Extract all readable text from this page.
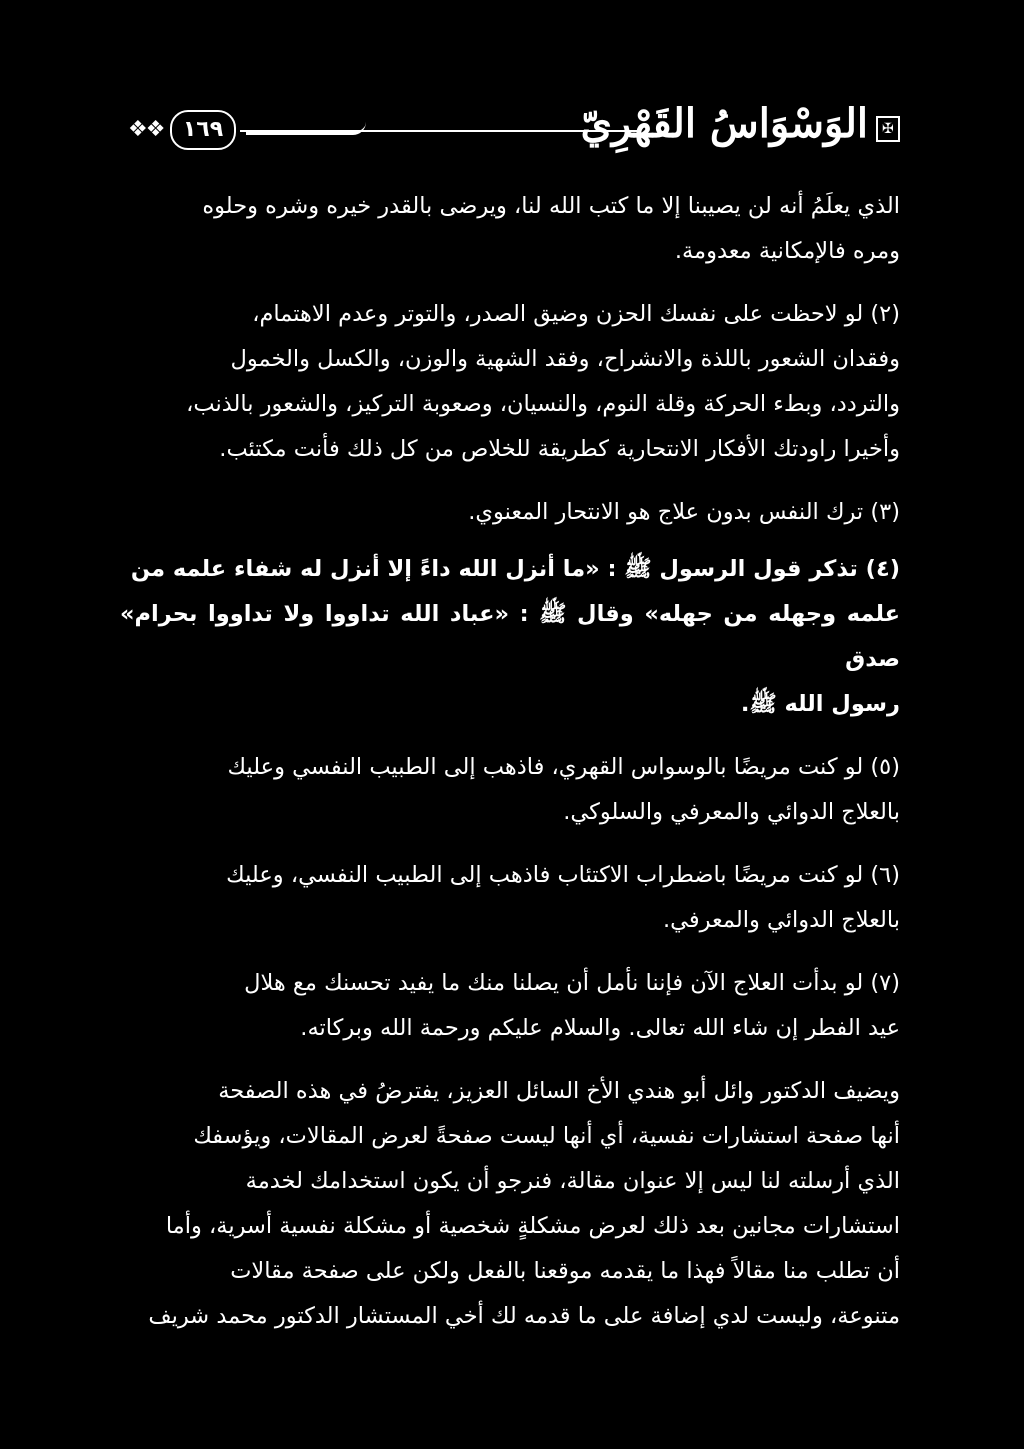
❖❖ ١٦٩	الوَسْوَاسُ القَهْرِيّ	✠

الذي يعلَمُ أنه لن يصيبنا إلا ما كتب الله لنا، ويرضى بالقدر خيره وشره وحلوه
ومره فالإمكانية معدومة.

(٢) لو لاحظت على نفسك الحزن وضيق الصدر، والتوتر وعدم الاهتمام،
وفقدان الشعور باللذة والانشراح، وفقد الشهية والوزن، والكسل والخمول
والتردد، وبطء الحركة وقلة النوم، والنسيان، وصعوبة التركيز، والشعور بالذنب،
وأخيرا راودتك الأفكار الانتحارية كطريقة للخلاص من كل ذلك فأنت مكتئب.

(٣) ترك النفس بدون علاج هو الانتحار المعنوي.

(٤) تذكر قول الرسول ﷺ : «ما أنزل الله داءً إلا أنزل له شفاء علمه من
علمه وجهله من جهله» وقال ﷺ : «عباد الله تداووا ولا تداووا بحرام» صدق
رسول الله ﷺ.

(٥) لو كنت مريضًا بالوسواس القهري، فاذهب إلى الطبيب النفسي وعليك
بالعلاج الدوائي والمعرفي والسلوكي.

(٦) لو كنت مريضًا باضطراب الاكتئاب فاذهب إلى الطبيب النفسي، وعليك
بالعلاج الدوائي والمعرفي.

(٧) لو بدأت العلاج الآن فإننا نأمل أن يصلنا منك ما يفيد تحسنك مع هلال
عيد الفطر إن شاء الله تعالى. والسلام عليكم ورحمة الله وبركاته.

ويضيف الدكتور وائل أبو هندي الأخ السائل العزيز، يفترضُ في هذه الصفحة
أنها صفحة استشارات نفسية، أي أنها ليست صفحةً لعرض المقالات، ويؤسفك
الذي أرسلته لنا ليس إلا عنوان مقالة، فنرجو أن يكون استخدامك لخدمة
استشارات مجانين بعد ذلك لعرض مشكلةٍ شخصية أو مشكلة نفسية أسرية، وأما
أن تطلب منا مقالاً فهذا ما يقدمه موقعنا بالفعل ولكن على صفحة مقالات
متنوعة، وليست لدي إضافة على ما قدمه لك أخي المستشار الدكتور محمد شريف
